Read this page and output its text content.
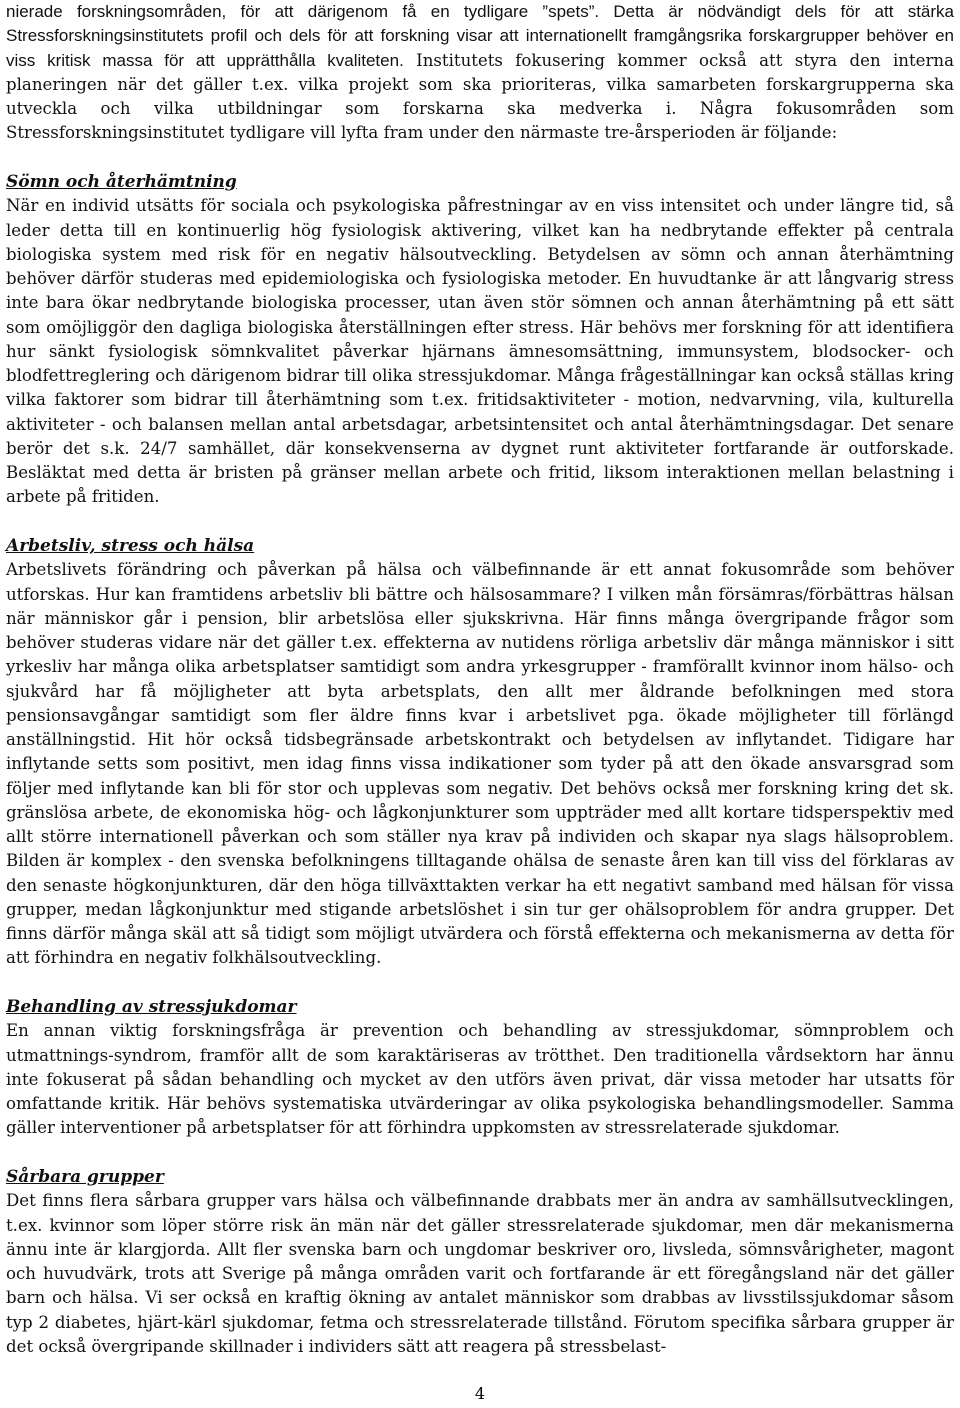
nierade forskningsområden, för att därigenom få en tydligare ”spets”. Detta är nödvändigt dels för att stärka Stressforskningsinstitutets profil och dels för att forskning visar att internationellt framgångsrika forskargrupper behöver en viss kritisk massa för att upprätthålla kvaliteten. Institutets fokusering kommer också att styra den interna planeringen när det gäller t.ex. vilka projekt som ska prioriteras, vilka samarbeten forskargrupperna ska utveckla och vilka utbildningar som forskarna ska medverka i. Några fokusområden som Stressforskningsinstitutet tydligare vill lyfta fram under den närmaste tre-årsperioden är följande:

Sömn och återhämtning

När en individ utsätts för sociala och psykologiska påfrestningar av en viss intensitet och under längre tid, så leder detta till en kontinuerlig hög fysiologisk aktivering, vilket kan ha nedbrytande effekter på centrala biologiska system med risk för en negativ hälsoutveckling. Betydelsen av sömn och annan återhämtning behöver därför studeras med epidemiologiska och fysiologiska metoder. En huvudtanke är att långvarig stress inte bara ökar nedbrytande biologiska processer, utan även stör sömnen och annan återhämtning på ett sätt som omöjliggör den dagliga biologiska återställningen efter stress. Här behövs mer forskning för att identifiera hur sänkt fysiologisk sömnkvalitet påverkar hjärnans ämnesomsättning, immunsystem, blodsocker- och blodfettreglering och därigenom bidrar till olika stressjukdomar. Många frågeställningar kan också ställas kring vilka faktorer som bidrar till återhämtning som t.ex. fritidsaktiviteter - motion, nedvarvning, vila, kulturella aktiviteter - och balansen mellan antal arbetsdagar, arbetsintensitet och antal återhämtningsdagar. Det senare berör det s.k. 24/7 samhället, där konsekvenserna av dygnet runt aktiviteter fortfarande är outforskade. Besläktat med detta är bristen på gränser mellan arbete och fritid, liksom interaktionen mellan belastning i arbete på fritiden.

Arbetsliv, stress och hälsa

Arbetslivets förändring och påverkan på hälsa och välbefinnande är ett annat fokusområde som behöver utforskas. Hur kan framtidens arbetsliv bli bättre och hälsosammare? I vilken mån försämras/förbättras hälsan när människor går i pension, blir arbetslösa eller sjukskrivna. Här finns många övergripande frågor som behöver studeras vidare när det gäller t.ex. effekterna av nutidens rörliga arbetsliv där många människor i sitt yrkesliv har många olika arbetsplatser samtidigt som andra yrkesgrupper - framförallt kvinnor inom hälso- och sjukvård har få möjligheter att byta arbetsplats, den allt mer åldrande befolkningen med stora pensionsavgångar samtidigt som fler äldre finns kvar i arbetslivet pga. ökade möjligheter till förlängd anställningstid. Hit hör också tidsbegränsade arbetskontrakt och betydelsen av inflytandet. Tidigare har inflytande setts som positivt, men idag finns vissa indikationer som tyder på att den ökade ansvarsgrad som följer med inflytande kan bli för stor och upplevas som negativ. Det behövs också mer forskning kring det sk. gränslösa arbete, de ekonomiska hög- och lågkonjunkturer som uppträder med allt kortare tidsperspektiv med allt större internationell påverkan och som ställer nya krav på individen och skapar nya slags hälsoproblem. Bilden är komplex - den svenska befolkningens tilltagande ohälsa de senaste åren kan till viss del förklaras av den senaste högkonjunkturen, där den höga tillväxttakten verkar ha ett negativt samband med hälsan för vissa grupper, medan lågkonjunktur med stigande arbetslöshet i sin tur ger ohälsoproblem för andra grupper. Det finns därför många skäl att så tidigt som möjligt utvärdera och förstå effekterna och mekanismerna av detta för att förhindra en negativ folkhälsoutveckling.

Behandling av stressjukdomar

En annan viktig forskningsfråga är prevention och behandling av stressjukdomar, sömnproblem och utmattnings-syndrom, framför allt de som karaktäriseras av trötthet. Den traditionella vårdsektorn har ännu inte fokuserat på sådan behandling och mycket av den utförs även privat, där vissa metoder har utsatts för omfattande kritik. Här behövs systematiska utvärderingar av olika psykologiska behandlingsmodeller. Samma gäller interventioner på arbetsplatser för att förhindra uppkomsten av stressrelaterade sjukdomar.

Sårbara grupper

Det finns flera sårbara grupper vars hälsa och välbefinnande drabbats mer än andra av samhällsutvecklingen, t.ex. kvinnor som löper större risk än män när det gäller stressrelaterade sjukdomar, men där mekanismerna ännu inte är klargjorda. Allt fler svenska barn och ungdomar beskriver oro, livsleda, sömnsvårigheter, magont och huvudvärk, trots att Sverige på många områden varit och fortfarande är ett föregångsland när det gäller barn och hälsa. Vi ser också en kraftig ökning av antalet människor som drabbas av livsstilssjukdomar såsom typ 2 diabetes, hjärt-kärl sjukdomar, fetma och stressrelaterade tillstånd. Förutom specifika sårbara grupper är det också övergripande skillnader i individers sätt att reagera på stressbelast-

4
